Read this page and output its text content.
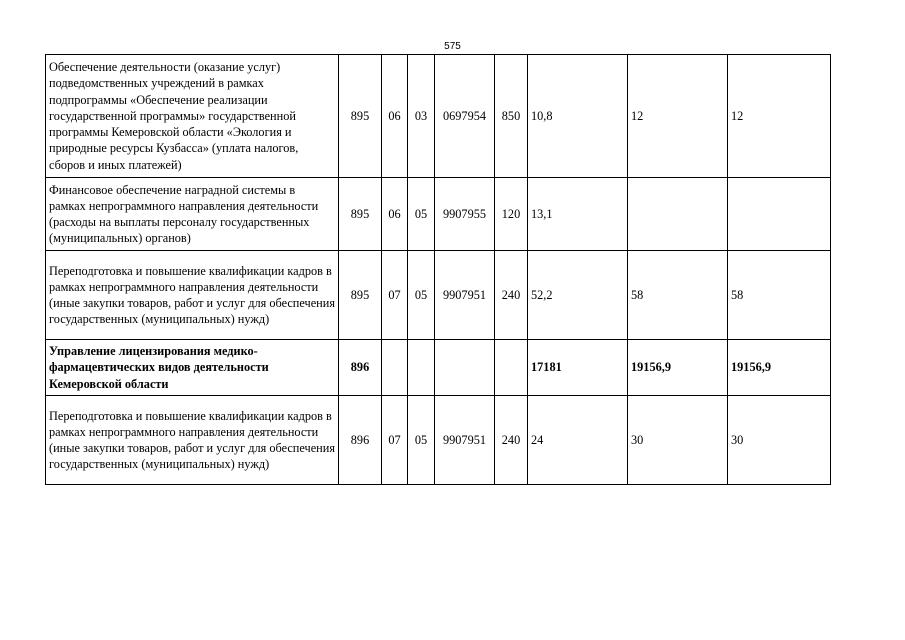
575
Обеспечение деятельности (оказание услуг) подведомственных учреждений в рамках подпрограммы «Обеспечение реализации государственной программы» государственной программы Кемеровской области «Экология и природные ресурсы Кузбасса» (уплата налогов, сборов и иных платежей)	895	06	03	0697954	850	10,8	12	12
Финансовое обеспечение наградной системы в рамках непрограммного направления деятельности (расходы на выплаты персоналу государственных (муниципальных) органов)	895	06	05	9907955	120	13,1		
Переподготовка и повышение квалификации кадров в рамках непрограммного направления деятельности (иные закупки товаров, работ и услуг для обеспечения государственных (муниципальных) нужд)	895	07	05	9907951	240	52,2	58	58
Управление лицензирования медико-фармацевтических видов деятельности Кемеровской области	896					17181	19156,9	19156,9
Переподготовка и повышение квалификации кадров в рамках непрограммного направления деятельности (иные закупки товаров, работ и услуг для обеспечения государственных (муниципальных) нужд)	896	07	05	9907951	240	24	30	30
